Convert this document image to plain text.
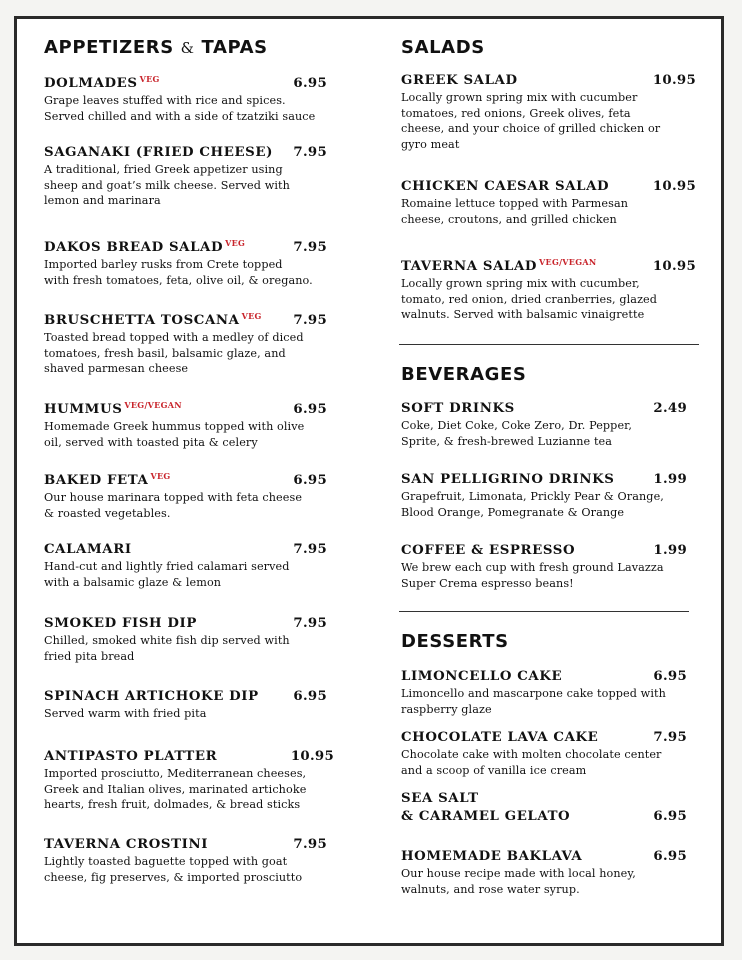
APPETIZERS & TAPAS
DOLMADES $^{VEG}$	6.95
Grape leaves stuffed with rice and spices.
Served chilled and with a side of tzatziki sauce
SAGANAKI (FRIED CHEESE) 7.95
A traditional, fried Greek appetizer using
sheep and goat’s milk cheese. Served with
lemon and marinara
DAKOS BREAD SALAD $^{VEG}$	7.95
Imported barley rusks from Crete topped
with fresh tomatoes, feta, olive oil, & oregano.
BRUSCHETTA TOSCANA $^{VEG}$ 7.95
Toasted bread topped with a medley of diced
tomatoes, fresh basil, balsamic glaze, and
shaved parmesan cheese
HUMMUS $^{VEG/VEGAN}$	6.95
Homemade Greek hummus topped with olive
oil, served with toasted pita & celery
BAKED FETA $^{VEG}$	6.95
Our house marinara topped with feta cheese
& roasted vegetables.
CALAMARI	7.95
Hand-cut and lightly fried calamari served
with a balsamic glaze & lemon
SMOKED FISH DIP	7.95
Chilled, smoked white fish dip served with
fried pita bread
SPINACH ARTICHOKE DIP	6.95
Served warm with fried pita
ANTIPASTO PLATTER	10.95
Imported prosciutto, Mediterranean cheeses,
Greek and Italian olives, marinated artichoke
hearts, fresh fruit, dolmades, & bread sticks
TAVERNA CROSTINI	7.95
Lightly toasted baguette topped with goat
cheese, fig preserves, & imported prosciutto
SALADS
GREEK SALAD	10.95
Locally grown spring mix with cucumber
tomatoes, red onions, Greek olives, feta
cheese, and your choice of grilled chicken or
gyro meat
CHICKEN CAESAR SALAD	10.95
Romaine lettuce topped with Parmesan
cheese, croutons, and grilled chicken
TAVERNA SALAD $^{VEG/VEGAN}$	10.95
Locally grown spring mix with cucumber,
tomato, red onion, dried cranberries, glazed
walnuts. Served with balsamic vinaigrette
BEVERAGES
SOFT DRINKS	2.49
Coke, Diet Coke, Coke Zero, Dr. Pepper,
Sprite, & fresh-brewed Luzianne tea
SAN PELLIGRINO DRINKS	1.99
Grapefruit, Limonata, Prickly Pear & Orange,
Blood Orange, Pomegranate & Orange
COFFEE & ESPRESSO	1.99
We brew each cup with fresh ground Lavazza
Super Crema espresso beans!
DESSERTS
LIMONCELLO CAKE	6.95
Limoncello and mascarpone cake topped with
raspberry glaze
CHOCOLATE LAVA CAKE	7.95
Chocolate cake with molten chocolate center
and a scoop of vanilla ice cream
SEA SALT
& CARAMEL GELATO	6.95
HOMEMADE BAKLAVA	6.95
Our house recipe made with local honey,
walnuts, and rose water syrup.
